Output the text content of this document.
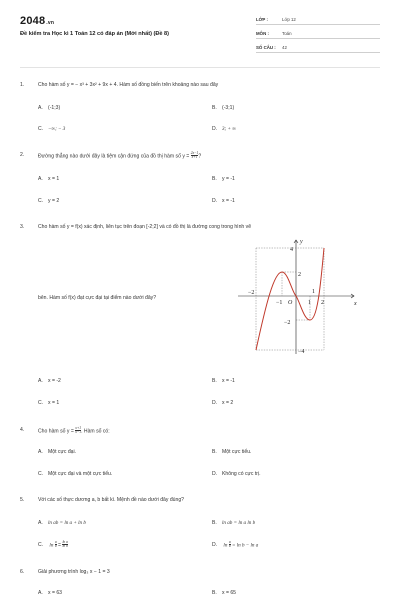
2048.vn
Đề kiểm tra Học kì 1 Toán 12 có đáp án (Mới nhất) (Đề 8)
LỚP :	Lớp 12
MÔN :	Toán
SỐ CÂU : 42
1.	Cho hàm số y = − x³ + 3x² + 9x + 4. Hàm số đồng biến trên khoảng nào sau đây
A. (-1;3)	B. (-3;1)
C. −∞; − 3	D. 3; + ∞
2.	Đường thẳng nào dưới đây là tiệm cận đứng của đồ thị hàm số $y = \frac{2x-1}{x+1}$ ?
A. x = 1	B. y = -1
C. y = 2	D. x = -1
3.	Cho hàm số y = f(x) xác định, liên tục trên đoạn [-2;2] và có đồ thị là đường cong trong hình vẽ
bên. Hàm số f(x) đạt cực đại tại điểm nào dưới đây?
y
x
O
4
2
1
−2
−1	1 2
−2
−4
A. x = -2	B. x = -1
C. x = 1	D. x = 2
4.	Cho hàm số $y = \frac{x+1}{x-1}$ . Hàm số có:
A. Một cực đại.	B. Một cực tiểu.
C. Một cực đại và một cực tiểu.	D. Không có cực trị.
5.	Với các số thực dương a, b bất kì. Mệnh đề nào dưới đây đúng?
A. ln ab = ln a + ln b	B. ln ab = ln a ln b
C. $\ln \frac{a}{b} = \frac{\text{ln a}}{\text{ln b}}$	D. $\ln \frac{a}{b} = \ln b - \ln a$
6.	Giải phương trình log₃ x − 1 = 3
A. x = 63	B. x = 65
